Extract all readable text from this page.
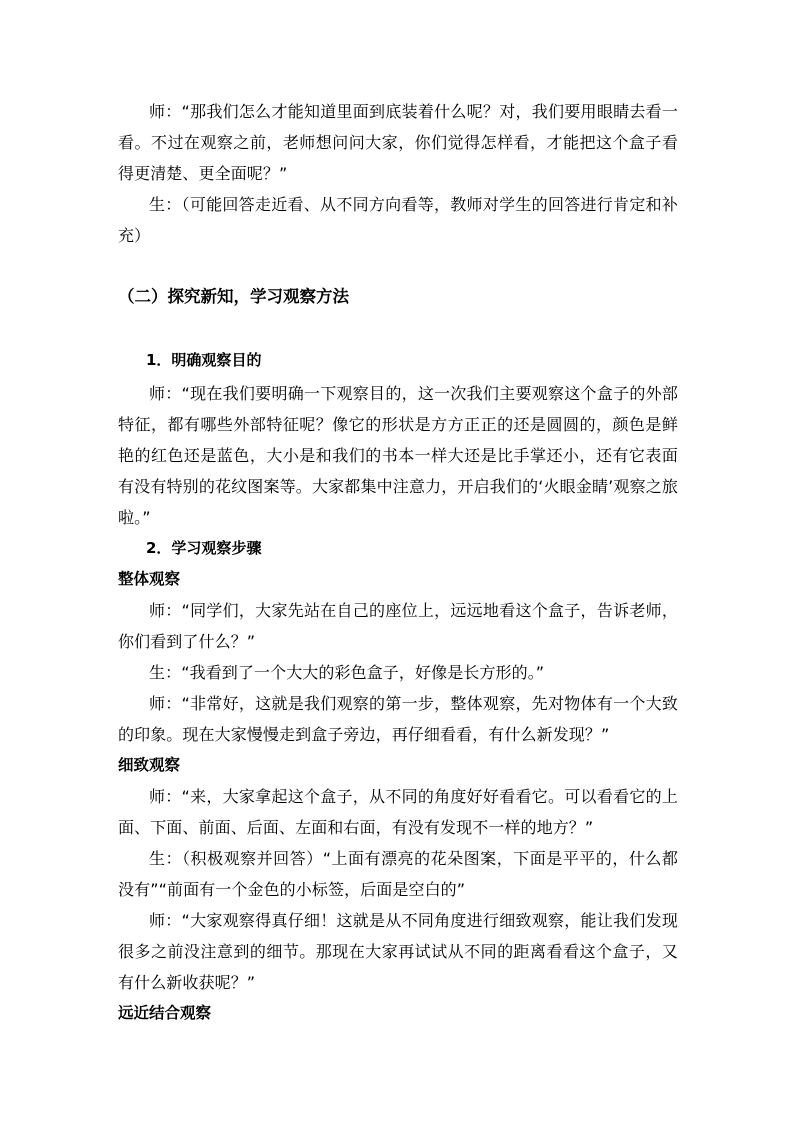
师：“那我们怎么才能知道里面到底装着什么呢？对，我们要用眼睛去看一看。不过在观察之前，老师想问问大家，你们觉得怎样看，才能把这个盒子看得更清楚、更全面呢？”

生：（可能回答走近看、从不同方向看等，教师对学生的回答进行肯定和补充）

（二）探究新知，学习观察方法
1．明确观察目的

师：“现在我们要明确一下观察目的，这一次我们主要观察这个盒子的外部特征，都有哪些外部特征呢？像它的形状是方方正正的还是圆圆的，颜色是鲜艳的红色还是蓝色，大小是和我们的书本一样大还是比手掌还小，还有它表面有没有特别的花纹图案等。大家都集中注意力，开启我们的‘火眼金睛’观察之旅啦。”

2．学习观察步骤
整体观察

师：“同学们，大家先站在自己的座位上，远远地看这个盒子，告诉老师，你们看到了什么？”

生：“我看到了一个大大的彩色盒子，好像是长方形的。”

师：“非常好，这就是我们观察的第一步，整体观察，先对物体有一个大致的印象。现在大家慢慢走到盒子旁边，再仔细看看，有什么新发现？”

细致观察

师：“来，大家拿起这个盒子，从不同的角度好好看看它。可以看看它的上面、下面、前面、后面、左面和右面，有没有发现不一样的地方？”

生：（积极观察并回答）“上面有漂亮的花朵图案，下面是平平的，什么都没有”“前面有一个金色的小标签，后面是空白的”

师：“大家观察得真仔细！这就是从不同角度进行细致观察，能让我们发现很多之前没注意到的细节。那现在大家再试试从不同的距离看看这个盒子，又有什么新收获呢？”

远近结合观察
